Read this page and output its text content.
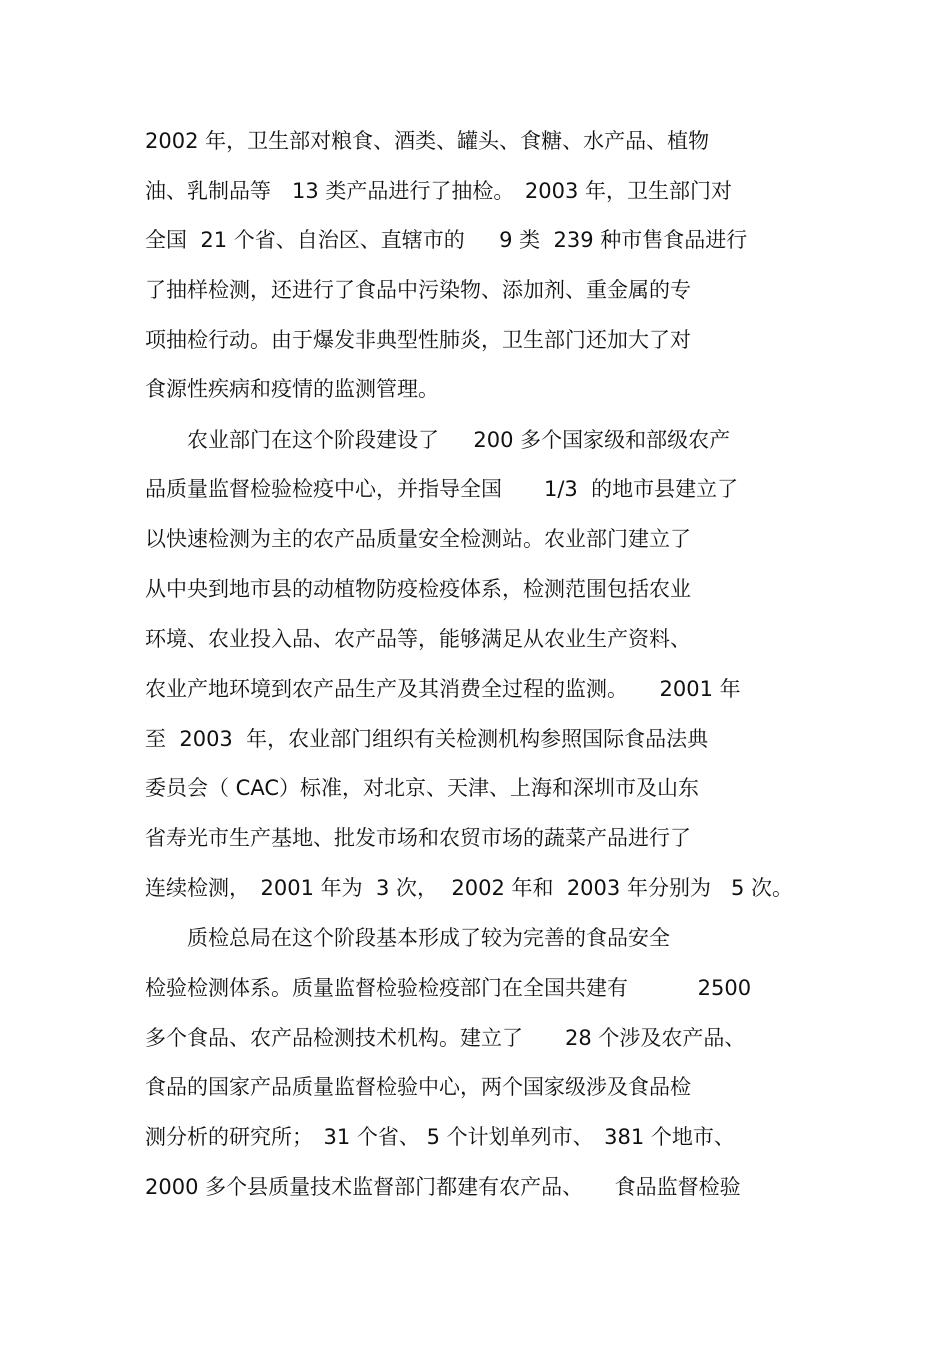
2002 年，卫生部对粮食、酒类、罐头、食糖、水产品、植物
油、乳制品等　13 类产品进行了抽检。　2003 年，卫生部门对
全国  21 个省、自治区、直辖市的　  9 类  239 种市售食品进行
了抽样检测，还进行了食品中污染物、添加剂、重金属的专
项抽检行动。由于爆发非典型性肺炎，卫生部门还加大了对
食源性疾病和疫情的监测管理。
　　农业部门在这个阶段建设了　  200 多个国家级和部级农产
品质量监督检验检疫中心，并指导全国　　1/3  的地市县建立了
以快速检测为主的农产品质量安全检测站。农业部门建立了
从中央到地市县的动植物防疫检疫体系，检测范围包括农业
环境、农业投入品、农产品等，能够满足从农业生产资料、
农业产地环境到农产品生产及其消费全过程的监测。　　2001 年
至  2003  年，农业部门组织有关检测机构参照国际食品法典
委员会（ CAC）标准，对北京、天津、上海和深圳市及山东
省寿光市生产基地、批发市场和农贸市场的蔬菜产品进行了
连续检测，　2001 年为  3 次，  2002 年和  2003 年分别为   5 次。
　　质检总局在这个阶段基本形成了较为完善的食品安全
检验检测体系。质量监督检验检疫部门在全国共建有　　　 2500
多个食品、农产品检测技术机构。建立了　　28 个涉及农产品、
食品的国家产品质量监督检验中心，两个国家级涉及食品检
测分析的研究所；　31 个省、 5 个计划单列市、　381 个地市、
2000 多个县质量技术监督部门都建有农产品、　　食品监督检验
